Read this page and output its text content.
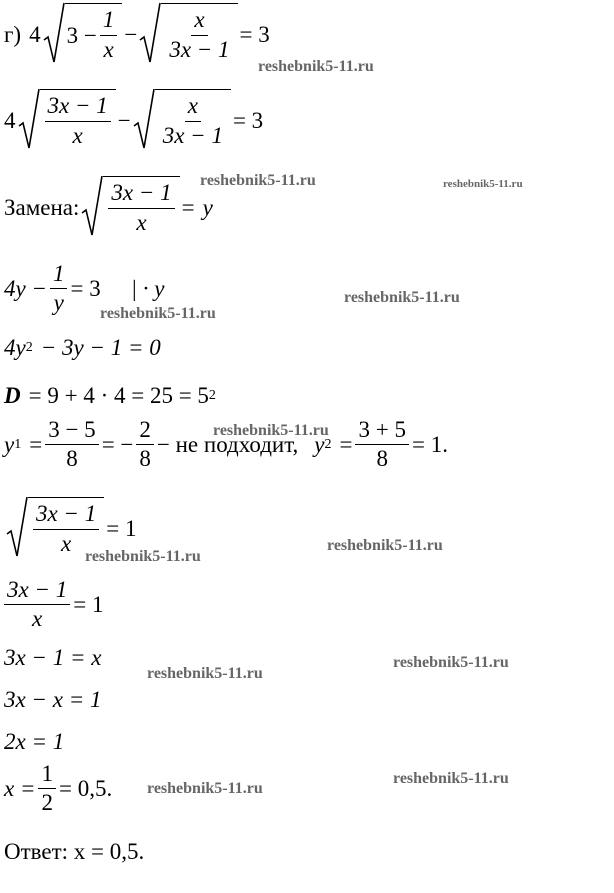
г) 4 $3 - \frac{1}{x} - \frac{x}{3x - 1} = 3$
$4 \frac{3x - 1}{x} - \frac{x}{3x - 1} = 3$
Замена: $\frac{3x - 1}{x} = y$
$4y - \frac{1}{y} = 3$ | · y
4y 2 − 3y − 1 = 0
D = 9 + 4 · 4 = 25 = 5 2
y $1 = \frac{3 - 5}{8}$ = − $\frac{2}{8}$ − не подходит, y $2 = \frac{3 + 5}{8} = 1$.
$\frac{3x - 1}{x} = 1$
$\frac{3x - 1}{x} = 1$
3x − 1 = x
3x − x = 1
2x = 1
$x = \frac{1}{2} = 0,5$.
Ответ: x = 0,5.
reshebnik5-11.ru
reshebnik5-11.ru	reshebnik5-11.ru
reshebnik5-11.ru
reshebnik5-11.ru
reshebnik5-11.ru
reshebnik5-11.ru
reshebnik5-11.ru
reshebnik5-11.ru
reshebnik5-11.ru
reshebnik5-11.ru
reshebnik5-11.ru
